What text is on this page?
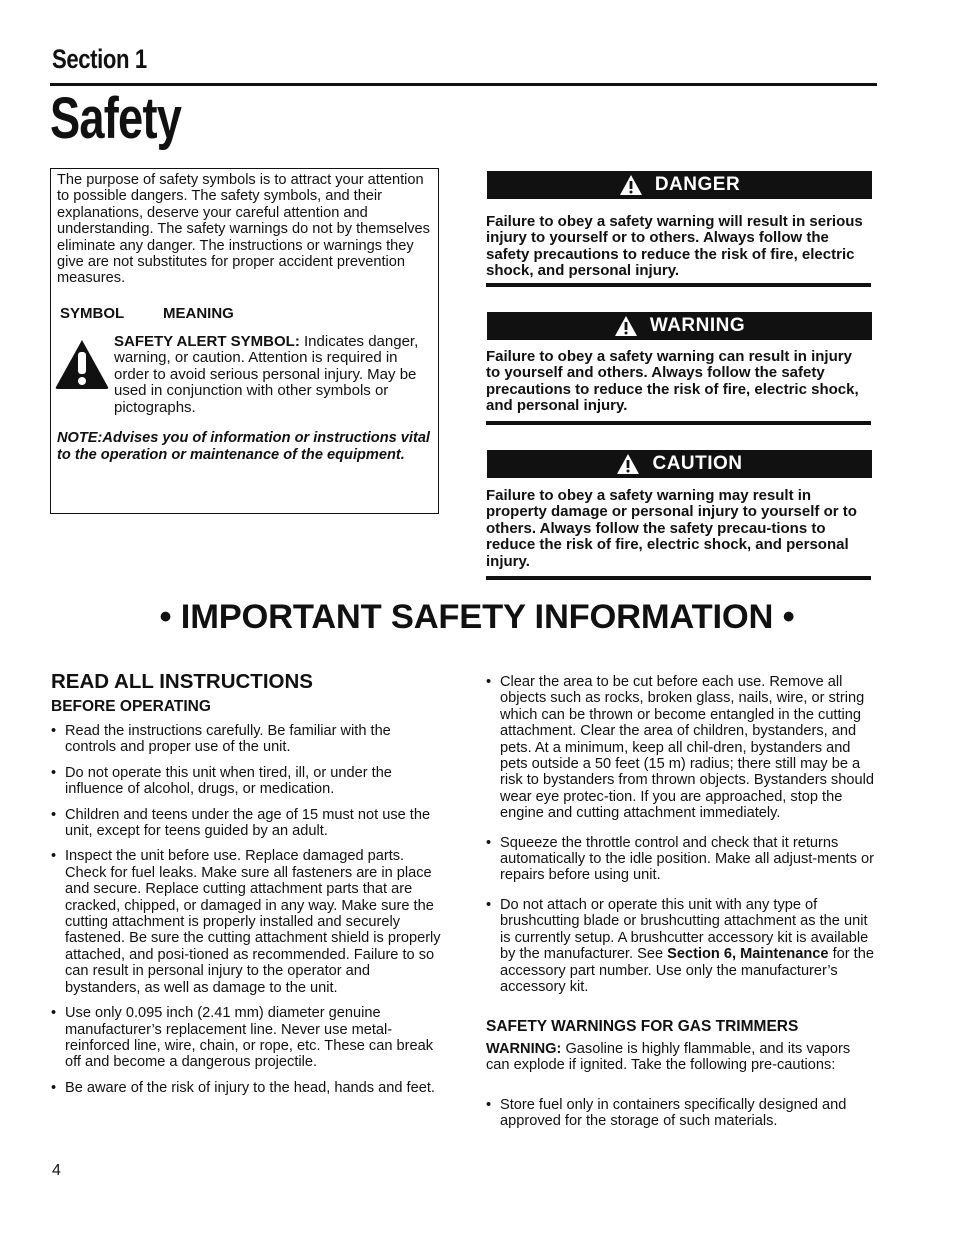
Section 1
Safety
The purpose of safety symbols is to attract your attention to possible dangers. The safety symbols, and their explanations, deserve your careful attention and understanding. The safety warnings do not by themselves eliminate any danger. The instructions or warnings they give are not substitutes for proper accident prevention measures.
SYMBOL	MEANING
SAFETY ALERT SYMBOL: Indicates danger, warning, or caution. Attention is required in order to avoid serious personal injury. May be used in conjunction with other symbols or pictographs.
NOTE:Advises you of information or instructions vital to the operation or maintenance of the equipment.
DANGER
Failure to obey a safety warning will result in serious injury to yourself or to others. Always follow the safety precautions to reduce the risk of fire, electric shock, and personal injury.
WARNING
Failure to obey a safety warning can result in injury to yourself and others. Always follow the safety precautions to reduce the risk of fire, electric shock, and personal injury.
CAUTION
Failure to obey a safety warning may result in property damage or personal injury to yourself or to others. Always follow the safety precau-tions to reduce the risk of fire, electric shock, and personal injury.
• IMPORTANT SAFETY INFORMATION •
READ ALL INSTRUCTIONS
BEFORE OPERATING
• Read the instructions carefully. Be familiar with the controls and proper use of the unit.
• Do not operate this unit when tired, ill, or under the influence of alcohol, drugs, or medication.
• Children and teens under the age of 15 must not use the unit, except for teens guided by an adult.
• Inspect the unit before use. Replace damaged parts. Check for fuel leaks. Make sure all fasteners are in place and secure. Replace cutting attachment parts that are cracked, chipped, or damaged in any way. Make sure the cutting attachment is properly installed and securely fastened. Be sure the cutting attachment shield is properly attached, and posi-tioned as recommended. Failure to so can result in personal injury to the operator and bystanders, as well as damage to the unit.
• Use only 0.095 inch (2.41 mm) diameter genuine manufacturer’s replacement line. Never use metal-reinforced line, wire, chain, or rope, etc. These can break off and become a dangerous projectile.
• Be aware of the risk of injury to the head, hands and feet.
• Clear the area to be cut before each use. Remove all objects such as rocks, broken glass, nails, wire, or string which can be thrown or become entangled in the cutting attachment. Clear the area of children, bystanders, and pets. At a minimum, keep all chil-dren, bystanders and pets outside a 50 feet (15 m) radius; there still may be a risk to bystanders from thrown objects. Bystanders should wear eye protec-tion. If you are approached, stop the engine and cutting attachment immediately.
• Squeeze the throttle control and check that it returns automatically to the idle position. Make all adjust-ments or repairs before using unit.
• Do not attach or operate this unit with any type of brushcutting blade or brushcutting attachment as the unit is currently setup. A brushcutter accessory kit is available by the manufacturer. See Section 6, Maintenance for the accessory part number. Use only the manufacturer’s accessory kit.
SAFETY WARNINGS FOR GAS TRIMMERS
WARNING: Gasoline is highly flammable, and its vapors can explode if ignited. Take the following pre-cautions:
• Store fuel only in containers specifically designed and approved for the storage of such materials.
4
